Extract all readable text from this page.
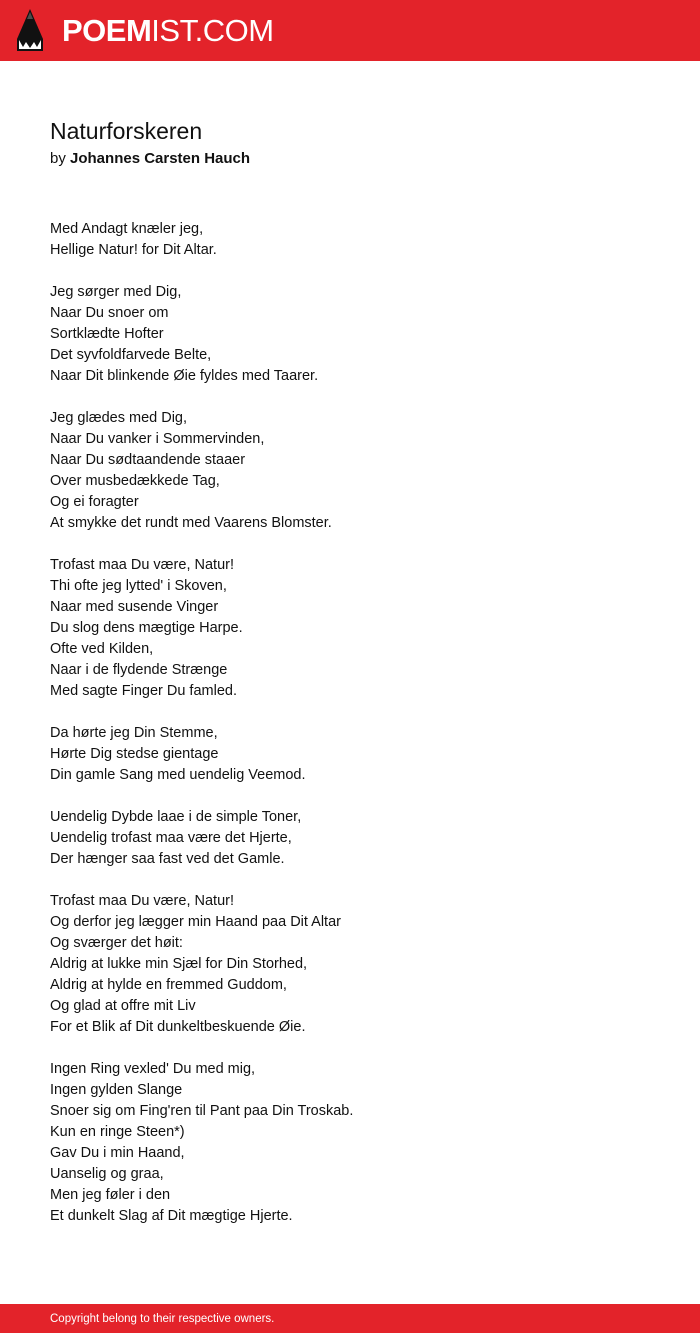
POEMIST.COM
Naturforskeren
by Johannes Carsten Hauch
Med Andagt knæler jeg,
Hellige Natur! for Dit Altar.
Jeg sørger med Dig,
Naar Du snoer om
Sortklædte Hofter
Det syvfoldfarvede Belte,
Naar Dit blinkende Øie fyldes med Taarer.
Jeg glædes med Dig,
Naar Du vanker i Sommervinden,
Naar Du sødtaandende staaer
Over musbedækkede Tag,
Og ei foragter
At smykke det rundt med Vaarens Blomster.
Trofast maa Du være, Natur!
Thi ofte jeg lytted' i Skoven,
Naar med susende Vinger
Du slog dens mægtige Harpe.
Ofte ved Kilden,
Naar i de flydende Strænge
Med sagte Finger Du famled.
Da hørte jeg Din Stemme,
Hørte Dig stedse gientage
Din gamle Sang med uendelig Veemod.
Uendelig Dybde laae i de simple Toner,
Uendelig trofast maa være det Hjerte,
Der hænger saa fast ved det Gamle.
Trofast maa Du være, Natur!
Og derfor jeg lægger min Haand paa Dit Altar
Og sværger det høit:
Aldrig at lukke min Sjæl for Din Storhed,
Aldrig at hylde en fremmed Guddom,
Og glad at offre mit Liv
For et Blik af Dit dunkeltbeskuende Øie.
Ingen Ring vexled' Du med mig,
Ingen gylden Slange
Snoer sig om Fing'ren til Pant paa Din Troskab.
Kun en ringe Steen*)
Gav Du i min Haand,
Uanselig og graa,
Men jeg føler i den
Et dunkelt Slag af Dit mægtige Hjerte.
Copyright belong to their respective owners.
